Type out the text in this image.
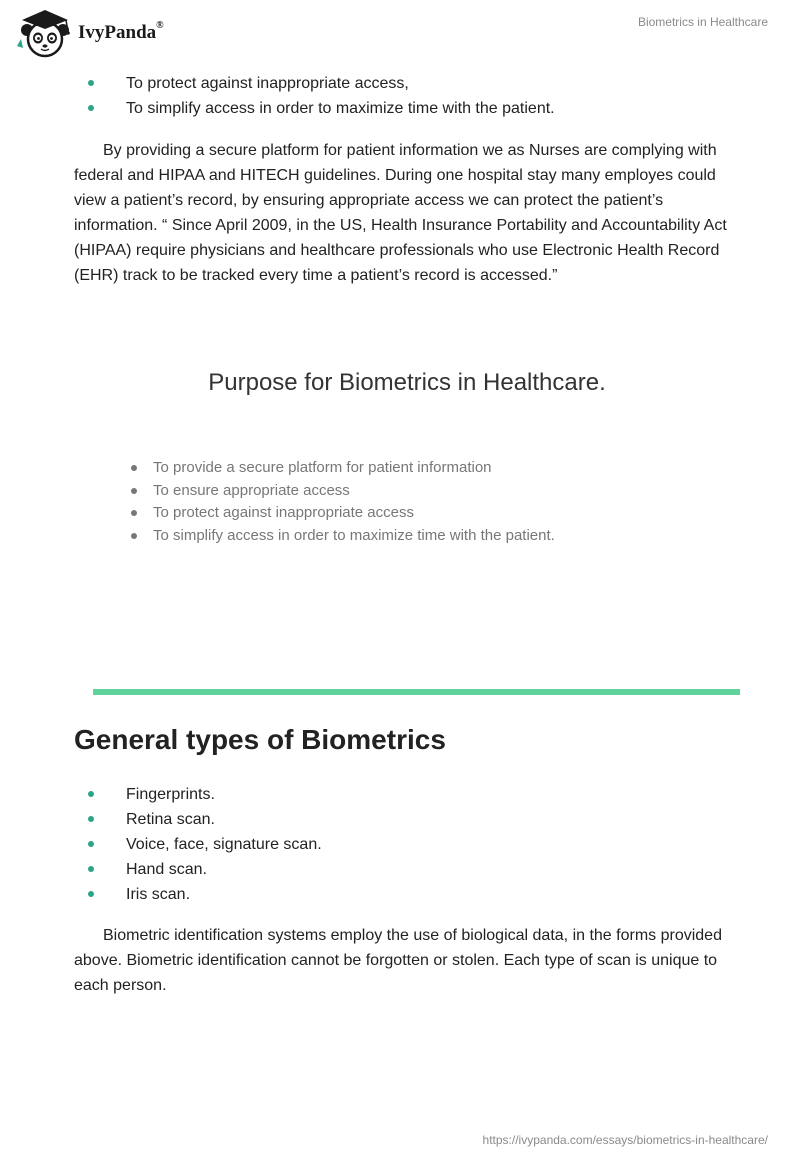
IvyPanda®	Biometrics in Healthcare
To protect against inappropriate access,
To simplify access in order to maximize time with the patient.

By providing a secure platform for patient information we as Nurses are complying with federal and HIPAA and HITECH guidelines. During one hospital stay many employes could view a patient’s record, by ensuring appropriate access we can protect the patient’s information. “ Since April 2009, in the US, Health Insurance Portability and Accountability Act (HIPAA) require physicians and healthcare professionals who use Electronic Health Record (EHR) track to be tracked every time a patient’s record is accessed.”

Purpose for Biometrics in Healthcare.
To provide a secure platform for patient information
To ensure appropriate access
To protect against inappropriate access
To simplify access in order to maximize time with the patient.
General types of Biometrics
Fingerprints.
Retina scan.
Voice, face, signature scan.
Hand scan.
Iris scan.

Biometric identification systems employ the use of biological data, in the forms provided above. Biometric identification cannot be forgotten or stolen. Each type of scan is unique to each person.

https://ivypanda.com/essays/biometrics-in-healthcare/
